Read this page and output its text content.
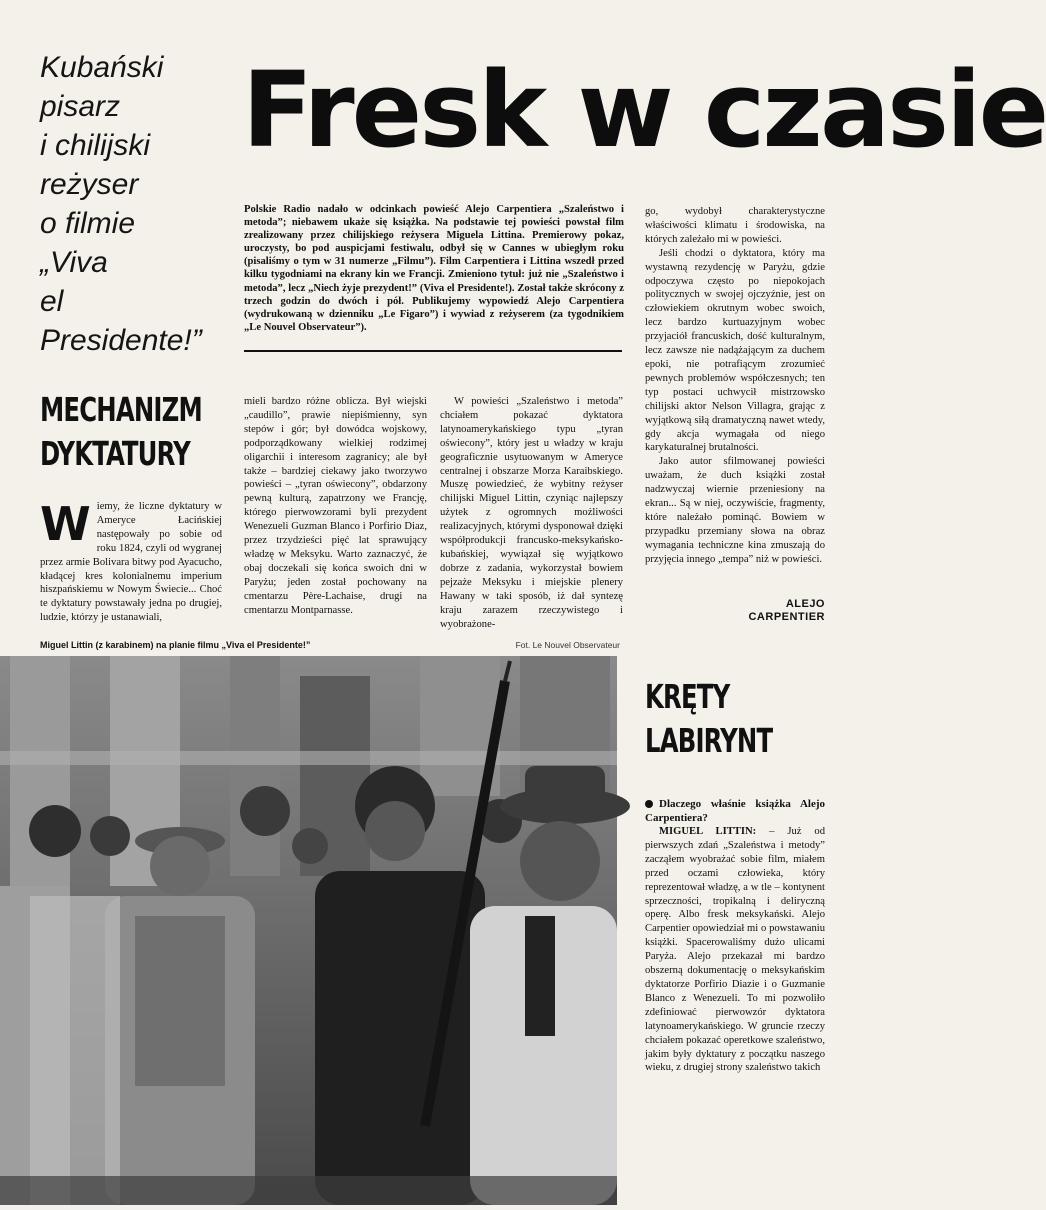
Kubański
pisarz
i chilijski
reżyser
o filmie
„Viva
el
Presidente!”
Fresk w czasie
Polskie Radio nadało w odcinkach powieść Alejo Carpentiera „Szaleństwo i metoda”; niebawem ukaże się książka. Na podstawie tej powieści powstał film zrealizowany przez chilijskiego reżysera Miguela Littina. Premierowy pokaz, uroczysty, bo pod auspicjami festiwalu, odbył się w Cannes w ubiegłym roku (pisaliśmy o tym w 31 numerze „Filmu”). Film Carpentiera i Littina wszedł przed kilku tygodniami na ekrany kin we Francji. Zmieniono tytuł: już nie „Szaleństwo i metoda”, lecz „Niech żyje prezydent!” (Viva el Presidente!). Został także skrócony z trzech godzin do dwóch i pół. Publikujemy wypowiedź Alejo Carpentiera (wydrukowaną w dzienniku „Le Figaro”) i wywiad z reżyserem (za tygodnikiem „Le Nouvel Observateur”).
MECHANIZM
DYKTATURY
W iemy, że liczne dyktatury w Ameryce Łacińskiej następowały po sobie od roku 1824, czyli od wygranej przez armie Bolivara bitwy pod Ayacucho, kładącej kres kolonialnemu imperium hiszpańskiemu w Nowym Świecie... Choć te dyktatury powstawały jedna po drugiej, ludzie, którzy je ustanawiali,

mieli bardzo różne oblicza. Był wiejski „caudillo”, prawie niepiśmienny, syn stepów i gór; był dowódca wojskowy, podporządkowany wielkiej rodzimej oligarchii i interesom zagranicy; ale był także – bardziej ciekawy jako tworzywo powieści – „tyran oświecony”, obdarzony pewną kulturą, zapatrzony we Francję, którego pierwowzorami byli prezydent Wenezueli Guzman Blanco i Porfirio Diaz, przez trzydzieści pięć lat sprawujący władzę w Meksyku. Warto zaznaczyć, że obaj doczekali się końca swoich dni w Paryżu; jeden został pochowany na cmentarzu Père-Lachaise, drugi na cmentarzu Montparnasse.

W powieści „Szaleństwo i metoda” chciałem pokazać dyktatora latynoamerykańskiego typu „tyran oświecony”, który jest u władzy w kraju geograficznie usytuowanym w Ameryce centralnej i obszarze Morza Karaibskiego. Muszę powiedzieć, że wybitny reżyser chilijski Miguel Littin, czyniąc najlepszy użytek z ogromnych możliwości realizacyjnych, którymi dysponował dzięki współprodukcji francusko-meksykańsko-kubańskiej, wywiązał się wyjątkowo dobrze z zadania, wykorzystał bowiem pejzaże Meksyku i miejskie plenery Hawany w taki sposób, iż dał syntezę kraju zarazem rzeczywistego i wyobrażone-

go, wydobył charakterystyczne właściwości klimatu i środowiska, na których zależało mi w powieści.

Jeśli chodzi o dyktatora, który ma wystawną rezydencję w Paryżu, gdzie odpoczywa często po niepokojach politycznych w swojej ojczyźnie, jest on człowiekiem okrutnym wobec swoich, lecz bardzo kurtuazyjnym wobec przyjaciół francuskich, dość kulturalnym, lecz zawsze nie nadążającym za duchem epoki, nie potrafiącym zrozumieć pewnych problemów współczesnych; ten typ postaci uchwycił mistrzowsko chilijski aktor Nelson Villagra, grając z wyjątkową siłą dramatyczną nawet wtedy, gdy akcja wymagała od niego karykaturalnej brutalności.

Jako autor sfilmowanej powieści uważam, że duch książki został nadzwyczaj wiernie przeniesiony na ekran... Są w niej, oczywiście, fragmenty, które należało pominąć. Bowiem w przypadku przemiany słowa na obraz wymagania techniczne kina zmuszają do przyjęcia innego „tempa” niż w powieści.

ALEJO
CARPENTIER
Miguel Littin (z karabinem) na planie filmu „Viva el Presidente!”	Fot. Le Nouvel Observateur
KRĘTY
LABIRYNT

Dlaczego właśnie książka Alejo Carpentiera?

MIGUEL LITTIN: – Już od pierwszych zdań „Szaleństwa i metody” zacząłem wyobrażać sobie film, miałem przed oczami człowieka, który reprezentował władzę, a w tle – kontynent sprzeczności, tropikalną i deliryczną operę. Albo fresk meksykański. Alejo Carpentier opowiedział mi o powstawaniu książki. Spacerowaliśmy dużo ulicami Paryża. Alejo przekazał mi bardzo obszerną dokumentację o meksykańskim dyktatorze Porfirio Diazie i o Guzmanie Blanco z Wenezueli. To mi pozwoliło zdefiniować pierwowzór dyktatora latynoamerykańskiego. W gruncie rzeczy chciałem pokazać operetkowe szaleństwo, jakim były dyktatury z początku naszego wieku, z drugiej strony szaleństwo takich
